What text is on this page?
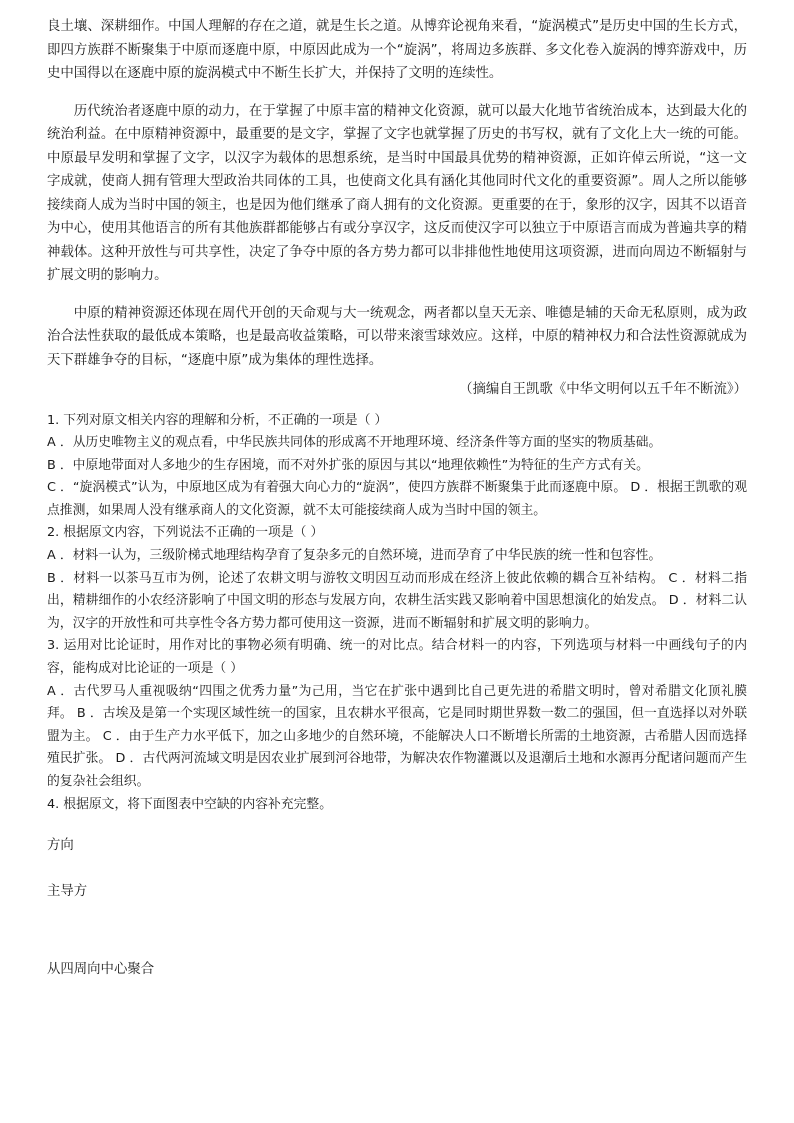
良土壤、深耕细作。中国人理解的存在之道，就是生长之道。从博弈论视角来看，“旋涡模式”是历史中国的生长方式，即四方族群不断聚集于中原而逐鹿中原，中原因此成为一个“旋涡”，将周边多族群、多文化卷入旋涡的博弈游戏中，历史中国得以在逐鹿中原的旋涡模式中不断生长扩大，并保持了文明的连续性。

历代统治者逐鹿中原的动力，在于掌握了中原丰富的精神文化资源，就可以最大化地节省统治成本，达到最大化的统治利益。在中原精神资源中，最重要的是文字，掌握了文字也就掌握了历史的书写权，就有了文化上大一统的可能。中原最早发明和掌握了文字，以汉字为载体的思想系统，是当时中国最具优势的精神资源，正如许倬云所说，“这一文字成就，使商人拥有管理大型政治共同体的工具，也使商文化具有涵化其他同时代文化的重要资源”。周人之所以能够接续商人成为当时中国的领主，也是因为他们继承了商人拥有的文化资源。更重要的在于，象形的汉字，因其不以语音为中心，使用其他语言的所有其他族群都能够占有或分享汉字，这反而使汉字可以独立于中原语言而成为普遍共享的精神载体。这种开放性与可共享性，决定了争夺中原的各方势力都可以非排他性地使用这项资源，进而向周边不断辐射与扩展文明的影响力。

中原的精神资源还体现在周代开创的天命观与大一统观念，两者都以皇天无亲、唯德是辅的天命无私原则，成为政治合法性获取的最低成本策略，也是最高收益策略，可以带来滚雪球效应。这样，中原的精神权力和合法性资源就成为天下群雄争夺的目标，“逐鹿中原”成为集体的理性选择。

（摘编自王凯歌《中华文明何以五千年不断流》）

1. 下列对原文相关内容的理解和分析，不正确的一项是（ ）

A ．从历史唯物主义的观点看，中华民族共同体的形成离不开地理环境、经济条件等方面的坚实的物质基础。

B ．中原地带面对人多地少的生存困境，而不对外扩张的原因与其以“地理依赖性”为特征的生产方式有关。

C ．“旋涡模式”认为，中原地区成为有着强大向心力的“旋涡”，使四方族群不断聚集于此而逐鹿中原。 D ．根据王凯歌的观点推测，如果周人没有继承商人的文化资源，就不太可能接续商人成为当时中国的领主。

2. 根据原文内容，下列说法不正确的一项是（ ）

A ．材料一认为，三级阶梯式地理结构孕育了复杂多元的自然环境，进而孕育了中华民族的统一性和包容性。

B ．材料一以茶马互市为例，论述了农耕文明与游牧文明因互动而形成在经济上彼此依赖的耦合互补结构。 C ．材料二指出，精耕细作的小农经济影响了中国文明的形态与发展方向，农耕生活实践又影响着中国思想演化的始发点。 D ．材料二认为，汉字的开放性和可共享性令各方势力都可使用这一资源，进而不断辐射和扩展文明的影响力。

3. 运用对比论证时，用作对比的事物必须有明确、统一的对比点。结合材料一的内容，下列选项与材料一中画线句子的内容，能构成对比论证的一项是（ ）

A ．古代罗马人重视吸纳“四围之优秀力量”为己用，当它在扩张中遇到比自己更先进的希腊文明时，曾对希腊文化顶礼膜拜。 B ．古埃及是第一个实现区域性统一的国家，且农耕水平很高，它是同时期世界数一数二的强国，但一直选择以对外联盟为主。 C ．由于生产力水平低下，加之山多地少的自然环境，不能解决人口不断增长所需的土地资源，古希腊人因而选择殖民扩张。 D ．古代两河流域文明是因农业扩展到河谷地带，为解决农作物灌溉以及退潮后土地和水源再分配诸问题而产生的复杂社会组织。

4. 根据原文，将下面图表中空缺的内容补充完整。

方向

主导方

从四周向中心聚合
